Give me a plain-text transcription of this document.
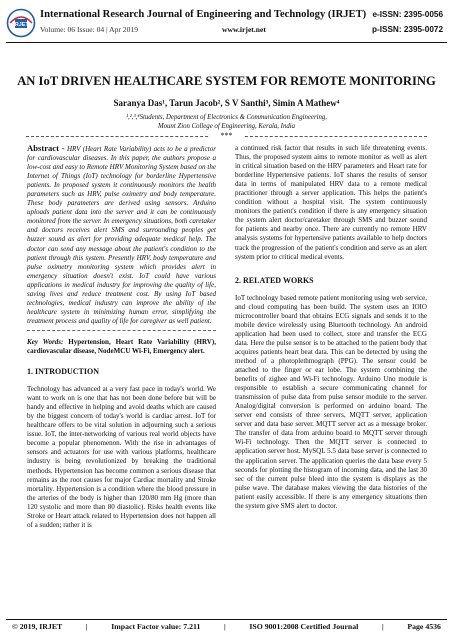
IRJET
International Research Journal of Engineering and Technology (IRJET) e-ISSN: 2395-0056
Volume: 06 Issue: 04 | Apr 2019	www.irjet.net	p-ISSN: 2395-0072
AN IoT DRIVEN HEALTHCARE SYSTEM FOR REMOTE MONITORING
Saranya Das¹, Tarun Jacob², S V Santhi³, Simin A Mathew⁴
¹,²,³,⁴Students, Department of Electronics & Communication Engineering,
Mount Zion College of Engineering, Kerala, India
***

Abstract - HRV (Heart Rate Variability) acts to be a predictor for cardiovascular diseases. In this paper, the authors propose a low-cost and easy to Remote HRV Monitoring System based on the Internet of Things (IoT) technology for borderline Hypertensive patients. In proposed system it continuously monitors the health parameters such as HRV, pulse oximetry and body temperature. These body parameters are derived using sensors. Arduino uploads patient data into the server and it can be continuously monitored from the server. In emergency situations, both caretaker and doctors receives alert SMS and surrounding peoples get buzzer sound as alert for providing adequate medical help. The doctor can send any message about the patient's condition to the patient through this system. Presently HRV, body temperature and pulse oximetry monitoring system which provides alert in emergency situation doesn't exist. IoT could have various applications in medical industry for improving the quality of life, saving lives and reduce treatment cost. By using IoT based technologies, medical industry can improve the ability of the healthcare system in minimizing human error, simplifying the treatment process and quality of life for caregiver as well patient.

Key Words: Hypertension, Heart Rate Variability (HRV), cardiovascular disease, NodeMCU Wi-Fi, Emergency alert.

1. INTRODUCTION

Technology has advanced at a very fast pace in today's world. We want to work on is one that has not been done before but will be handy and effective in helping and avoid deaths which are caused by the biggest concern of today's world is cardiac arrest. IoT for healthcare offers to be vital solution in adjourning such a serious issue. IoT, the inter-networking of various real world objects have become a popular phenomenon. With the rise in advantages of sensors and actuators for use with various platforms, healthcare industry is being revolutionized by breaking the traditional methods. Hypertension has become common a serious disease that remains as the root causes for major Cardiac mortality and Stroke mortality. Hypertension is a condition where the blood pressure in the arteries of the body is higher than 120/80 mm Hg (more than 120 systolic and more than 80 diastolic). Risks health events like Stroke or Heart attack related to Hypertension does not happen all of a sudden; rather it is

a continued risk factor that results in such life threatening events. Thus, the proposed system aims to remote monitor as well as alert in critical situation based on the HRV parameters and Heart rate for borderline Hypertensive patients. IoT shares the results of sensor data in terms of manipulated HRV data to a remote medical practitioner through a server application. This helps the patient's condition without a hospital visit. The system continuously monitors the patient's condition if there is any emergency situation the system alert doctor/caretaker through SMS and buzzer sound for patients and nearby once. There are currently no remote HRV analysis systems for hypertensive patients available to help doctors track the progression of the patient's condition and serve as an alert system prior to critical medical events.

2. RELATED WORKS

IoT technology based remote patient monitoring using web service, and cloud computing has been build. The system uses an IOIO microcontroller board that obtains ECG signals and sends it to the mobile device wirelessly using Bluetooth technology. An android application had been used to collect, store and transfer the ECG data. Here the pulse sensor is to be attached to the patient body that acquires patients heart beat data. This can be detected by using the method of a photoplethmograph (PPG). The sensor could be attached to the finger or ear lobe. The system combining the benefits of zighee and Wi-Fi technology. Arduino Uno module is responsible to establish a secure communicating channel for transmission of pulse data from pulse sensor module to the server. Analog/digital conversion is performed on arduino board. The server end consists of three servers, MQTT server, application server and data base server. MQTT server act as a message broker. The transfer of data from arduino board to MQTT server through Wi-Fi technology. Then the MQTT server is connected to application server host. MySQL 5.5 data base server is connected to the application server. The application queries the data base every 5 seconds for plotting the histogram of incoming data, and the last 30 sec of the current pulse bleed into the system is displays as the pulse wave. The database makes viewing the data histories of the patient easily accessible. If there is any emergency situations then the system give SMS alert to doctor.

© 2019, IRJET	|	Impact Factor value: 7.211	|	ISO 9001:2008 Certified Journal	|	Page 4536
